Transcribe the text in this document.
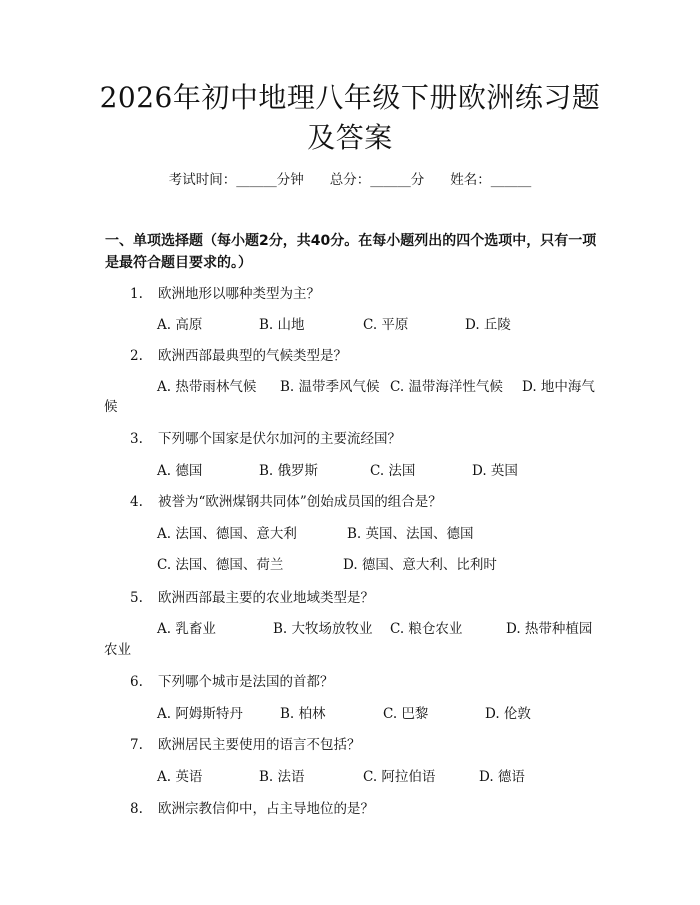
2026年初中地理八年级下册欧洲练习题及答案
考试时间：______分钟 总分：______分 姓名：______
一、单项选择题（每小题2分，共40分。在每小题列出的四个选项中，只有一项是最符合题目要求的。）
1. 欧洲地形以哪种类型为主？
A. 高原	B. 山地	C. 平原	D. 丘陵
2. 欧洲西部最典型的气候类型是？
A. 热带雨林气候 B. 温带季风气候 C. 温带海洋性气候 D. 地中海气
候
3. 下列哪个国家是伏尔加河的主要流经国？
A. 德国	B. 俄罗斯	C. 法国	D. 英国
4. 被誉为“欧洲煤钢共同体”创始成员国的组合是？
A. 法国、德国、意大利	B. 英国、法国、德国
C. 法国、德国、荷兰	D. 德国、意大利、比利时
5. 欧洲西部最主要的农业地域类型是？
A. 乳畜业	B. 大牧场放牧业 C. 粮仓农业	D. 热带种植园
农业
6. 下列哪个城市是法国的首都？
A. 阿姆斯特丹	B. 柏林	C. 巴黎	D. 伦敦
7. 欧洲居民主要使用的语言不包括？
A. 英语	B. 法语	C. 阿拉伯语	D. 德语
8. 欧洲宗教信仰中，占主导地位的是？
